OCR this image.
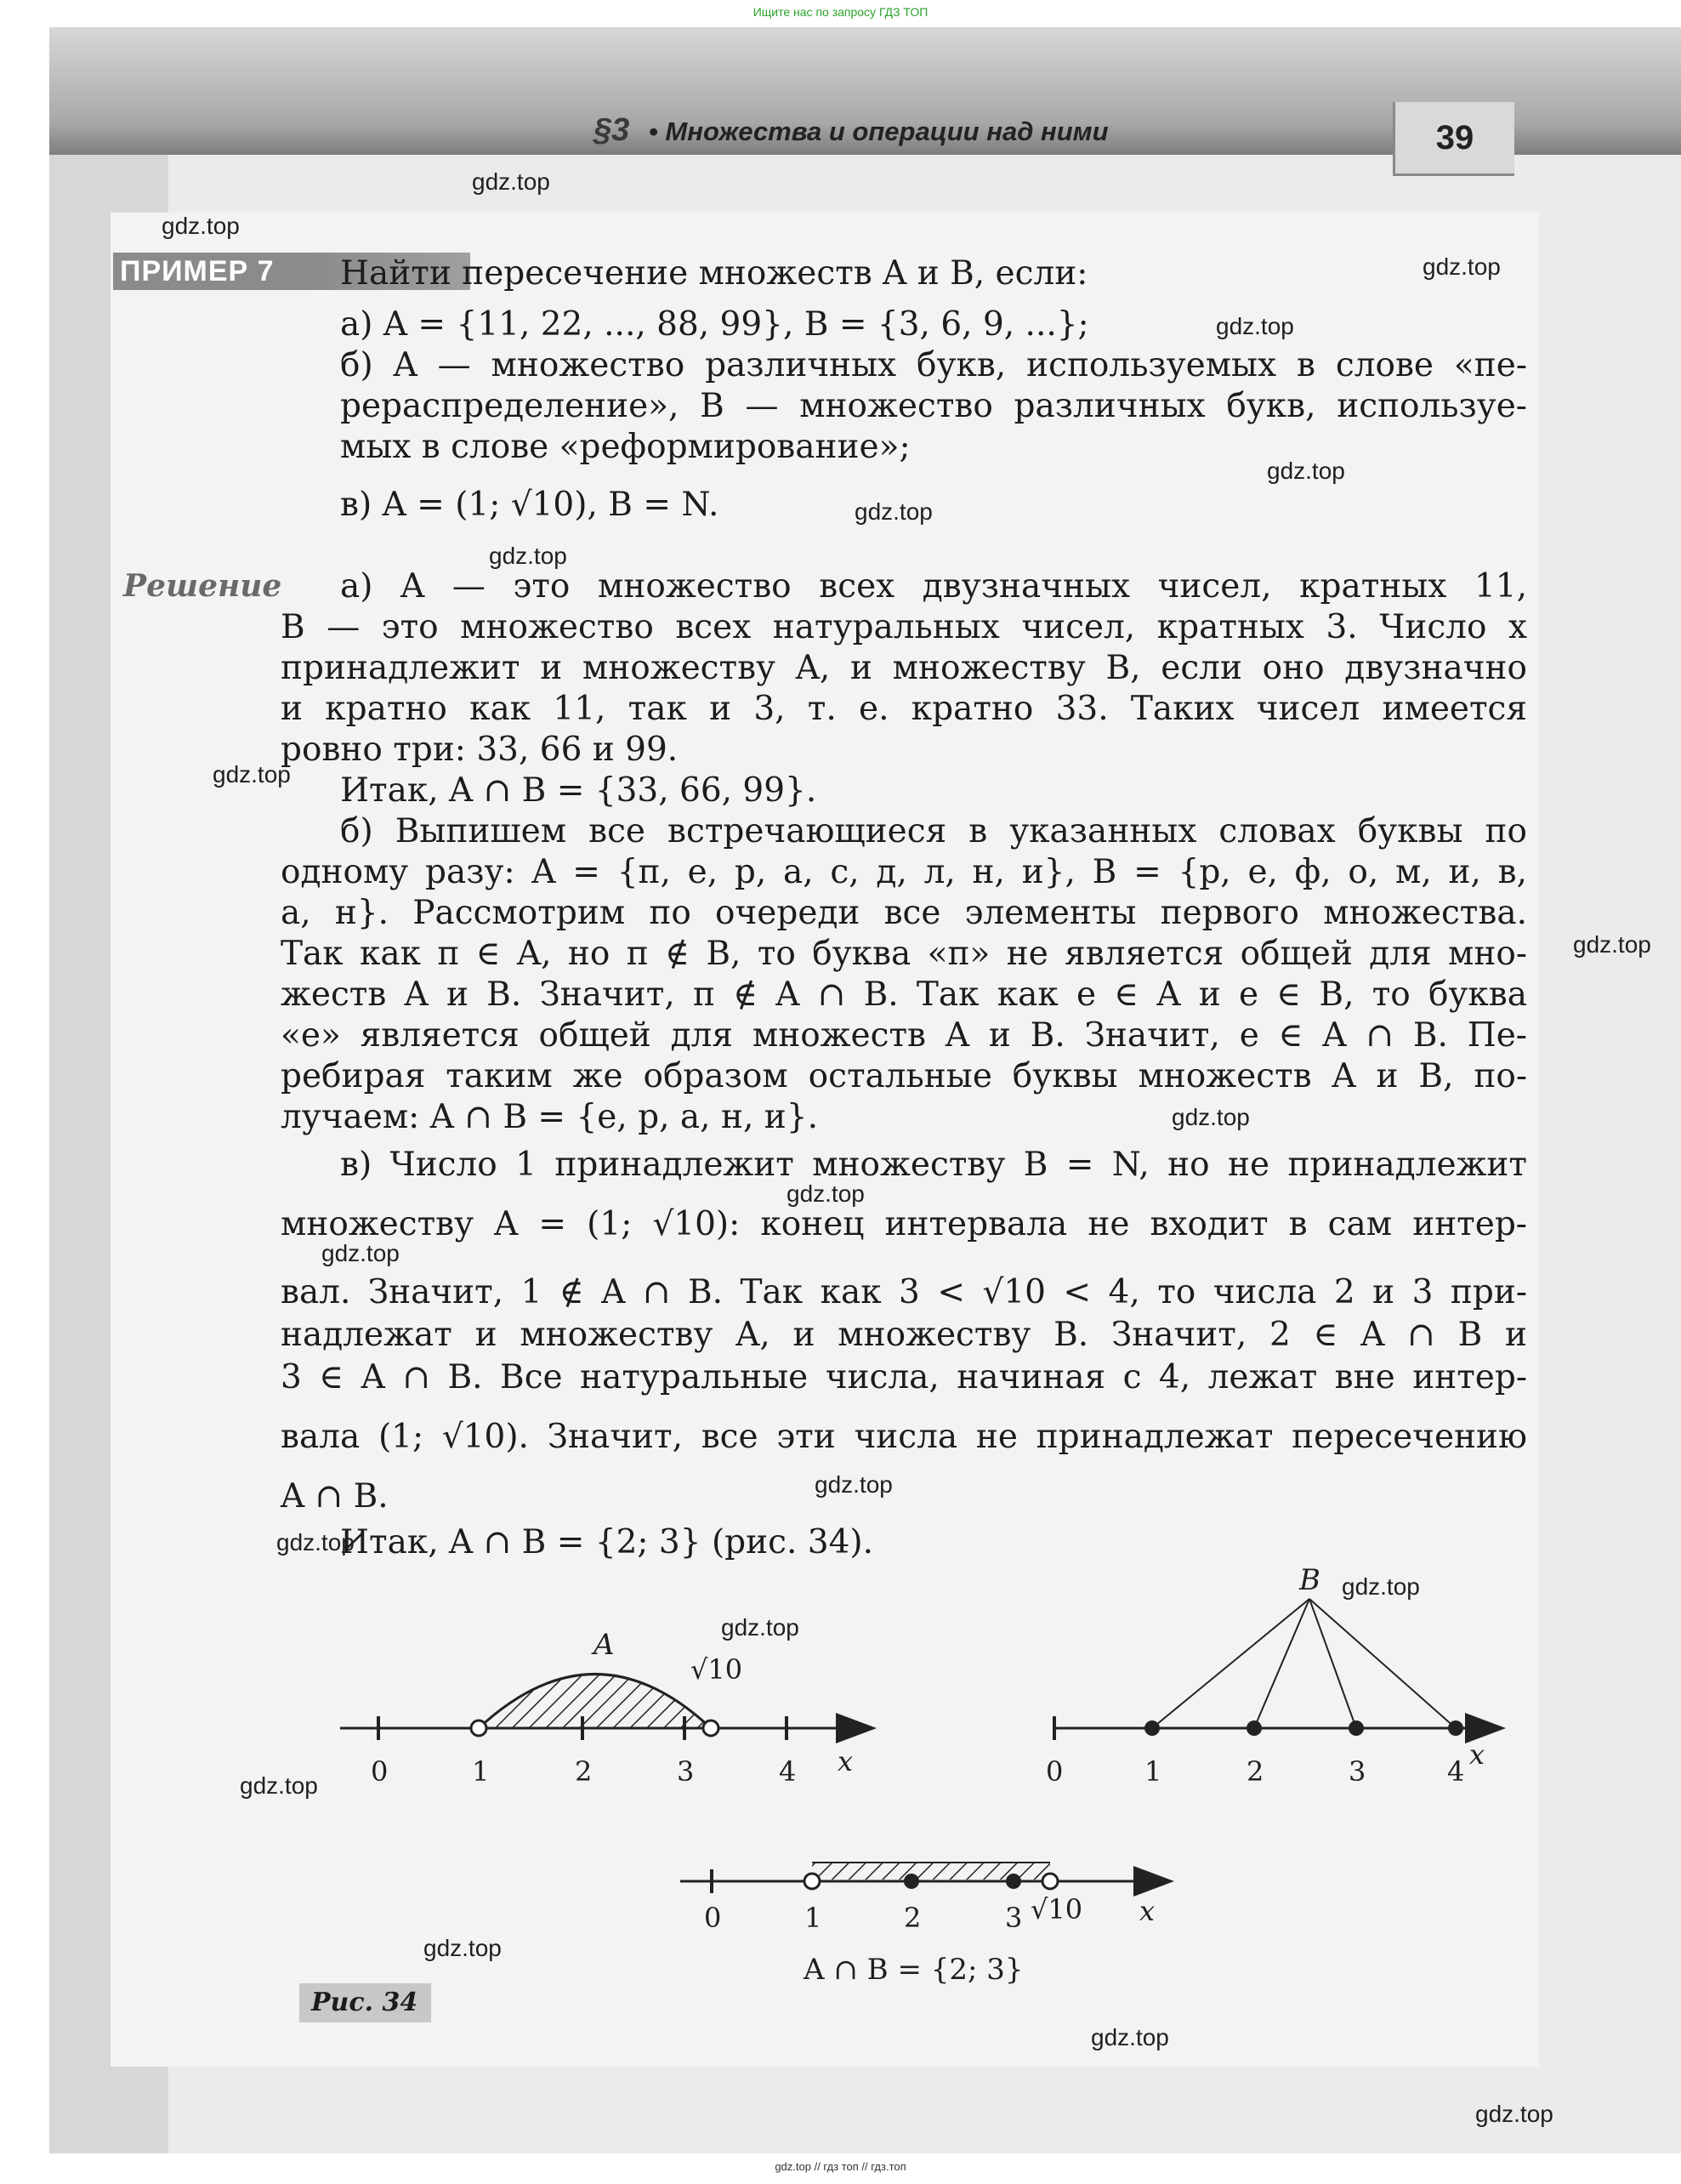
Ищите нас по запросу ГДЗ ТОП
§3 • Множества и операции над ними	39
ПРИМЕР 7
Решение
Найти пересечение множеств A и B, если:
а) A = {11, 22, ..., 88, 99}, B = {3, 6, 9, ...};
б) A — множество различных букв, используемых в слове «пе-
рераспределение», B — множество различных букв, используе-
мых в слове «реформирование»;
в) A = (1; √10), B = N.
а) A — это множество всех двузначных чисел, кратных 11,
B — это множество всех натуральных чисел, кратных 3. Число x
принадлежит и множеству A, и множеству B, если оно двузначно
и кратно как 11, так и 3, т. е. кратно 33. Таких чисел имеется
ровно три: 33, 66 и 99.
Итак, A ∩ B = {33, 66, 99}.
б) Выпишем все встречающиеся в указанных словах буквы по
одному разу: A = {п, е, р, а, с, д, л, н, и}, B = {р, е, ф, о, м, и, в,
а, н}. Рассмотрим по очереди все элементы первого множества.
Так как п ∈ A, но п ∉ B, то буква «п» не является общей для мно-
жеств A и B. Значит, п ∉ A ∩ B. Так как е ∈ A и е ∈ B, то буква
«е» является общей для множеств A и B. Значит, е ∈ A ∩ B. Пе-
ребирая таким же образом остальные буквы множеств A и B, по-
лучаем: A ∩ B = {е, р, а, н, и}.
в) Число 1 принадлежит множеству B = N, но не принадлежит
множеству A = (1; √10): конец интервала не входит в сам интер-
вал. Значит, 1 ∉ A ∩ B. Так как 3 < √10 < 4, то числа 2 и 3 при-
надлежат и множеству A, и множеству B. Значит, 2 ∈ A ∩ B и
3 ∈ A ∩ B. Все натуральные числа, начиная с 4, лежат вне интер-
вала (1; √10). Значит, все эти числа не принадлежат пересечению
A ∩ B.
Итак, A ∩ B = {2; 3} (рис. 34).
A
√10
x
0	1	2	3	4
B
x
0	1	2	3	4
0	1	2	3 √10 x
A ∩ B = {2; 3}
Рис. 34
gdz.top
gdz.top
gdz.top
gdz.top
gdz.top
gdz.top
gdz.top
gdz.top
gdz.top
gdz.top
gdz.top
gdz.top
gdz.top
gdz.top
gdz.top
gdz.top
gdz.top
gdz.top
gdz.top
gdz.top
gdz.top // гдз топ // гдз.топ
